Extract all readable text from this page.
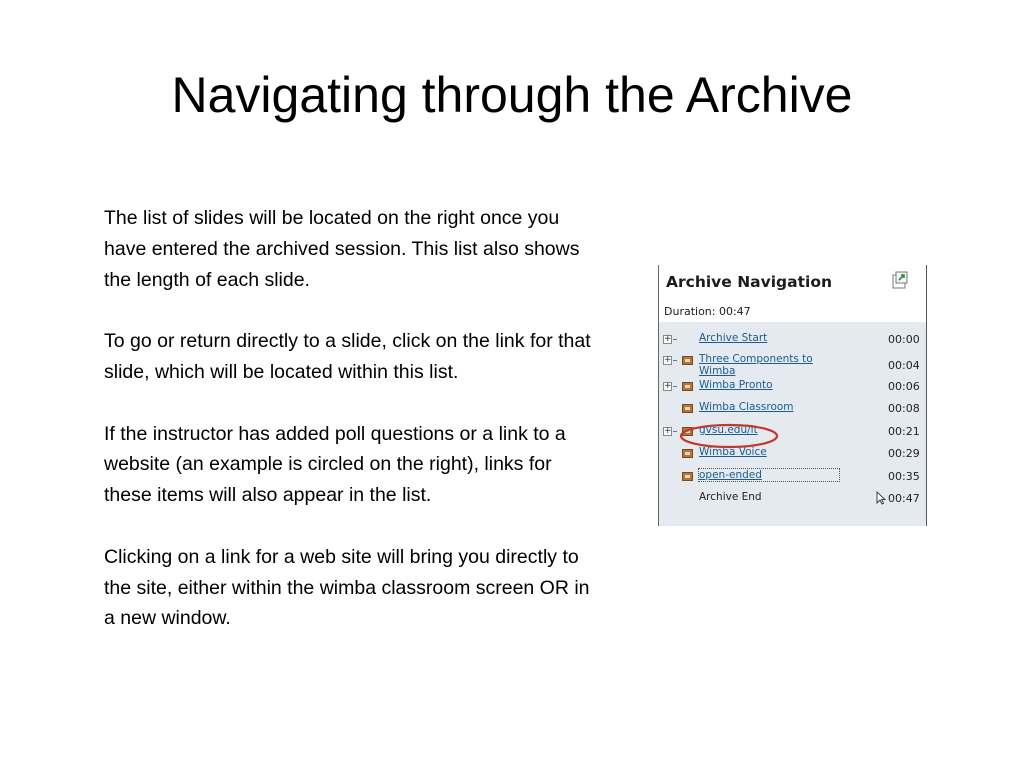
Navigating through the Archive

The list of slides will be located on the right once you have entered the archived session. This list also shows the length of each slide.

To go or return directly to a slide, click on the link for that slide, which will be located within this list.

If the instructor has added poll questions or a link to a website (an example is circled on the right), links for these items will also appear in the list.

Clicking on a link for a web site will bring you directly to the site, either within the wimba classroom screen OR in a new window.

Archive Navigation
Duration: 00:47
+	Archive Start	00:00
+	Three Components to Wimba	00:04
+	Wimba Pronto	00:06
Wimba Classroom	00:08
+	gvsu.edu/it	00:21
Wimba Voice	00:29
open-ended	00:35
Archive End	00:47
